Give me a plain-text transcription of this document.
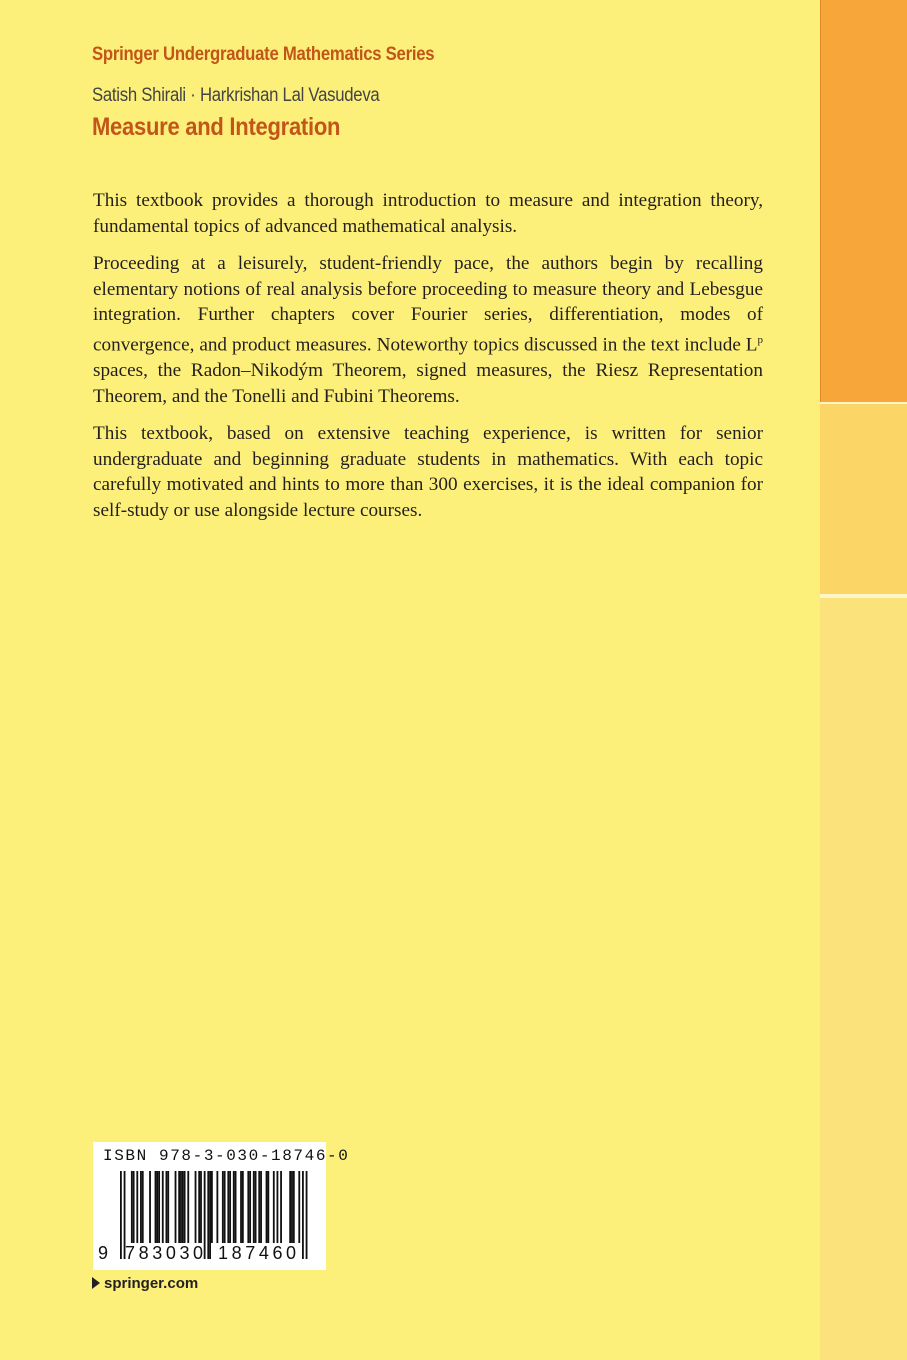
Springer Undergraduate Mathematics Series
Satish Shirali · Harkrishan Lal Vasudeva
Measure and Integration

This textbook provides a thorough introduction to measure and integration theory, fundamental topics of advanced mathematical analysis.

Proceeding at a leisurely, student-friendly pace, the authors begin by recalling elementary notions of real analysis before proceeding to measure theory and Lebesgue integration. Further chapters cover Fourier series, differentiation, modes of convergence, and product measures. Noteworthy topics discussed in the text include $L^p$ spaces, the Radon–Nikodým Theorem, signed measures, the Riesz Representation Theorem, and the Tonelli and Fubini Theorems.

This textbook, based on extensive teaching experience, is written for senior undergraduate and beginning graduate students in mathematics. With each topic carefully motivated and hints to more than 300 exercises, it is the ideal companion for self-study or use alongside lecture courses.

ISBN 978-3-030-18746-0
9 783030 187460
springer.com
